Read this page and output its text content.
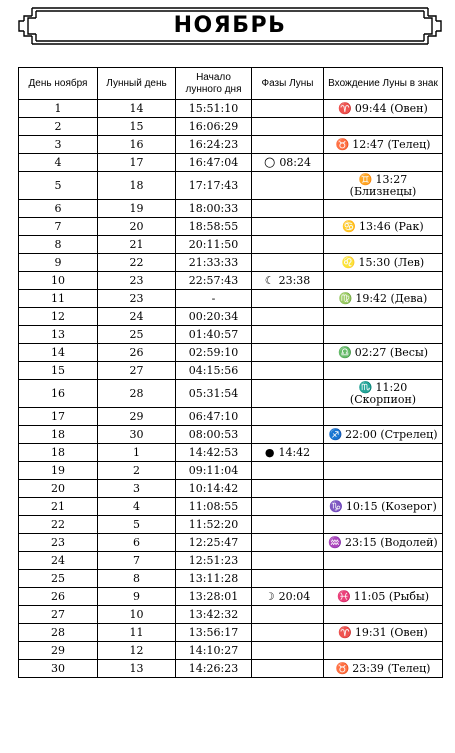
НОЯБРЬ
День ноября	Лунный день	Начало лунного дня	Фазы Луны	Вхождение Луны в знак
1	14	15:51:10		♈ 09:44 (Овен)
2	15	16:06:29		
3	16	16:24:23		♉ 12:47 (Телец)
4	17	16:47:04	○ 08:24	
5	18	17:17:43		♊ 13:27
(Близнецы)

6	19	18:00:33		
7	20	18:58:55		♋ 13:46 (Рак)
8	21	20:11:50		
9	22	21:33:33		♌ 15:30 (Лев)
10	23	22:57:43	☾ 23:38	
11	23	-		♍ 19:42 (Дева)
12	24	00:20:34		
13	25	01:40:57		
14	26	02:59:10		♎ 02:27 (Весы)
15	27	04:15:56		
16	28	05:31:54		♏ 11:20
(Скорпион)

17	29	06:47:10		
18	30	08:00:53		♐ 22:00 (Стрелец)
18	1	14:42:53	● 14:42	
19	2	09:11:04		
20	3	10:14:42		
21	4	11:08:55		♑ 10:15 (Козерог)
22	5	11:52:20		
23	6	12:25:47		♒ 23:15 (Водолей)
24	7	12:51:23		
25	8	13:11:28		
26	9	13:28:01	☽ 20:04	♓ 11:05 (Рыбы)
27	10	13:42:32		
28	11	13:56:17		♈ 19:31 (Овен)
29	12	14:10:27		
30	13	14:26:23		♉ 23:39 (Телец)
